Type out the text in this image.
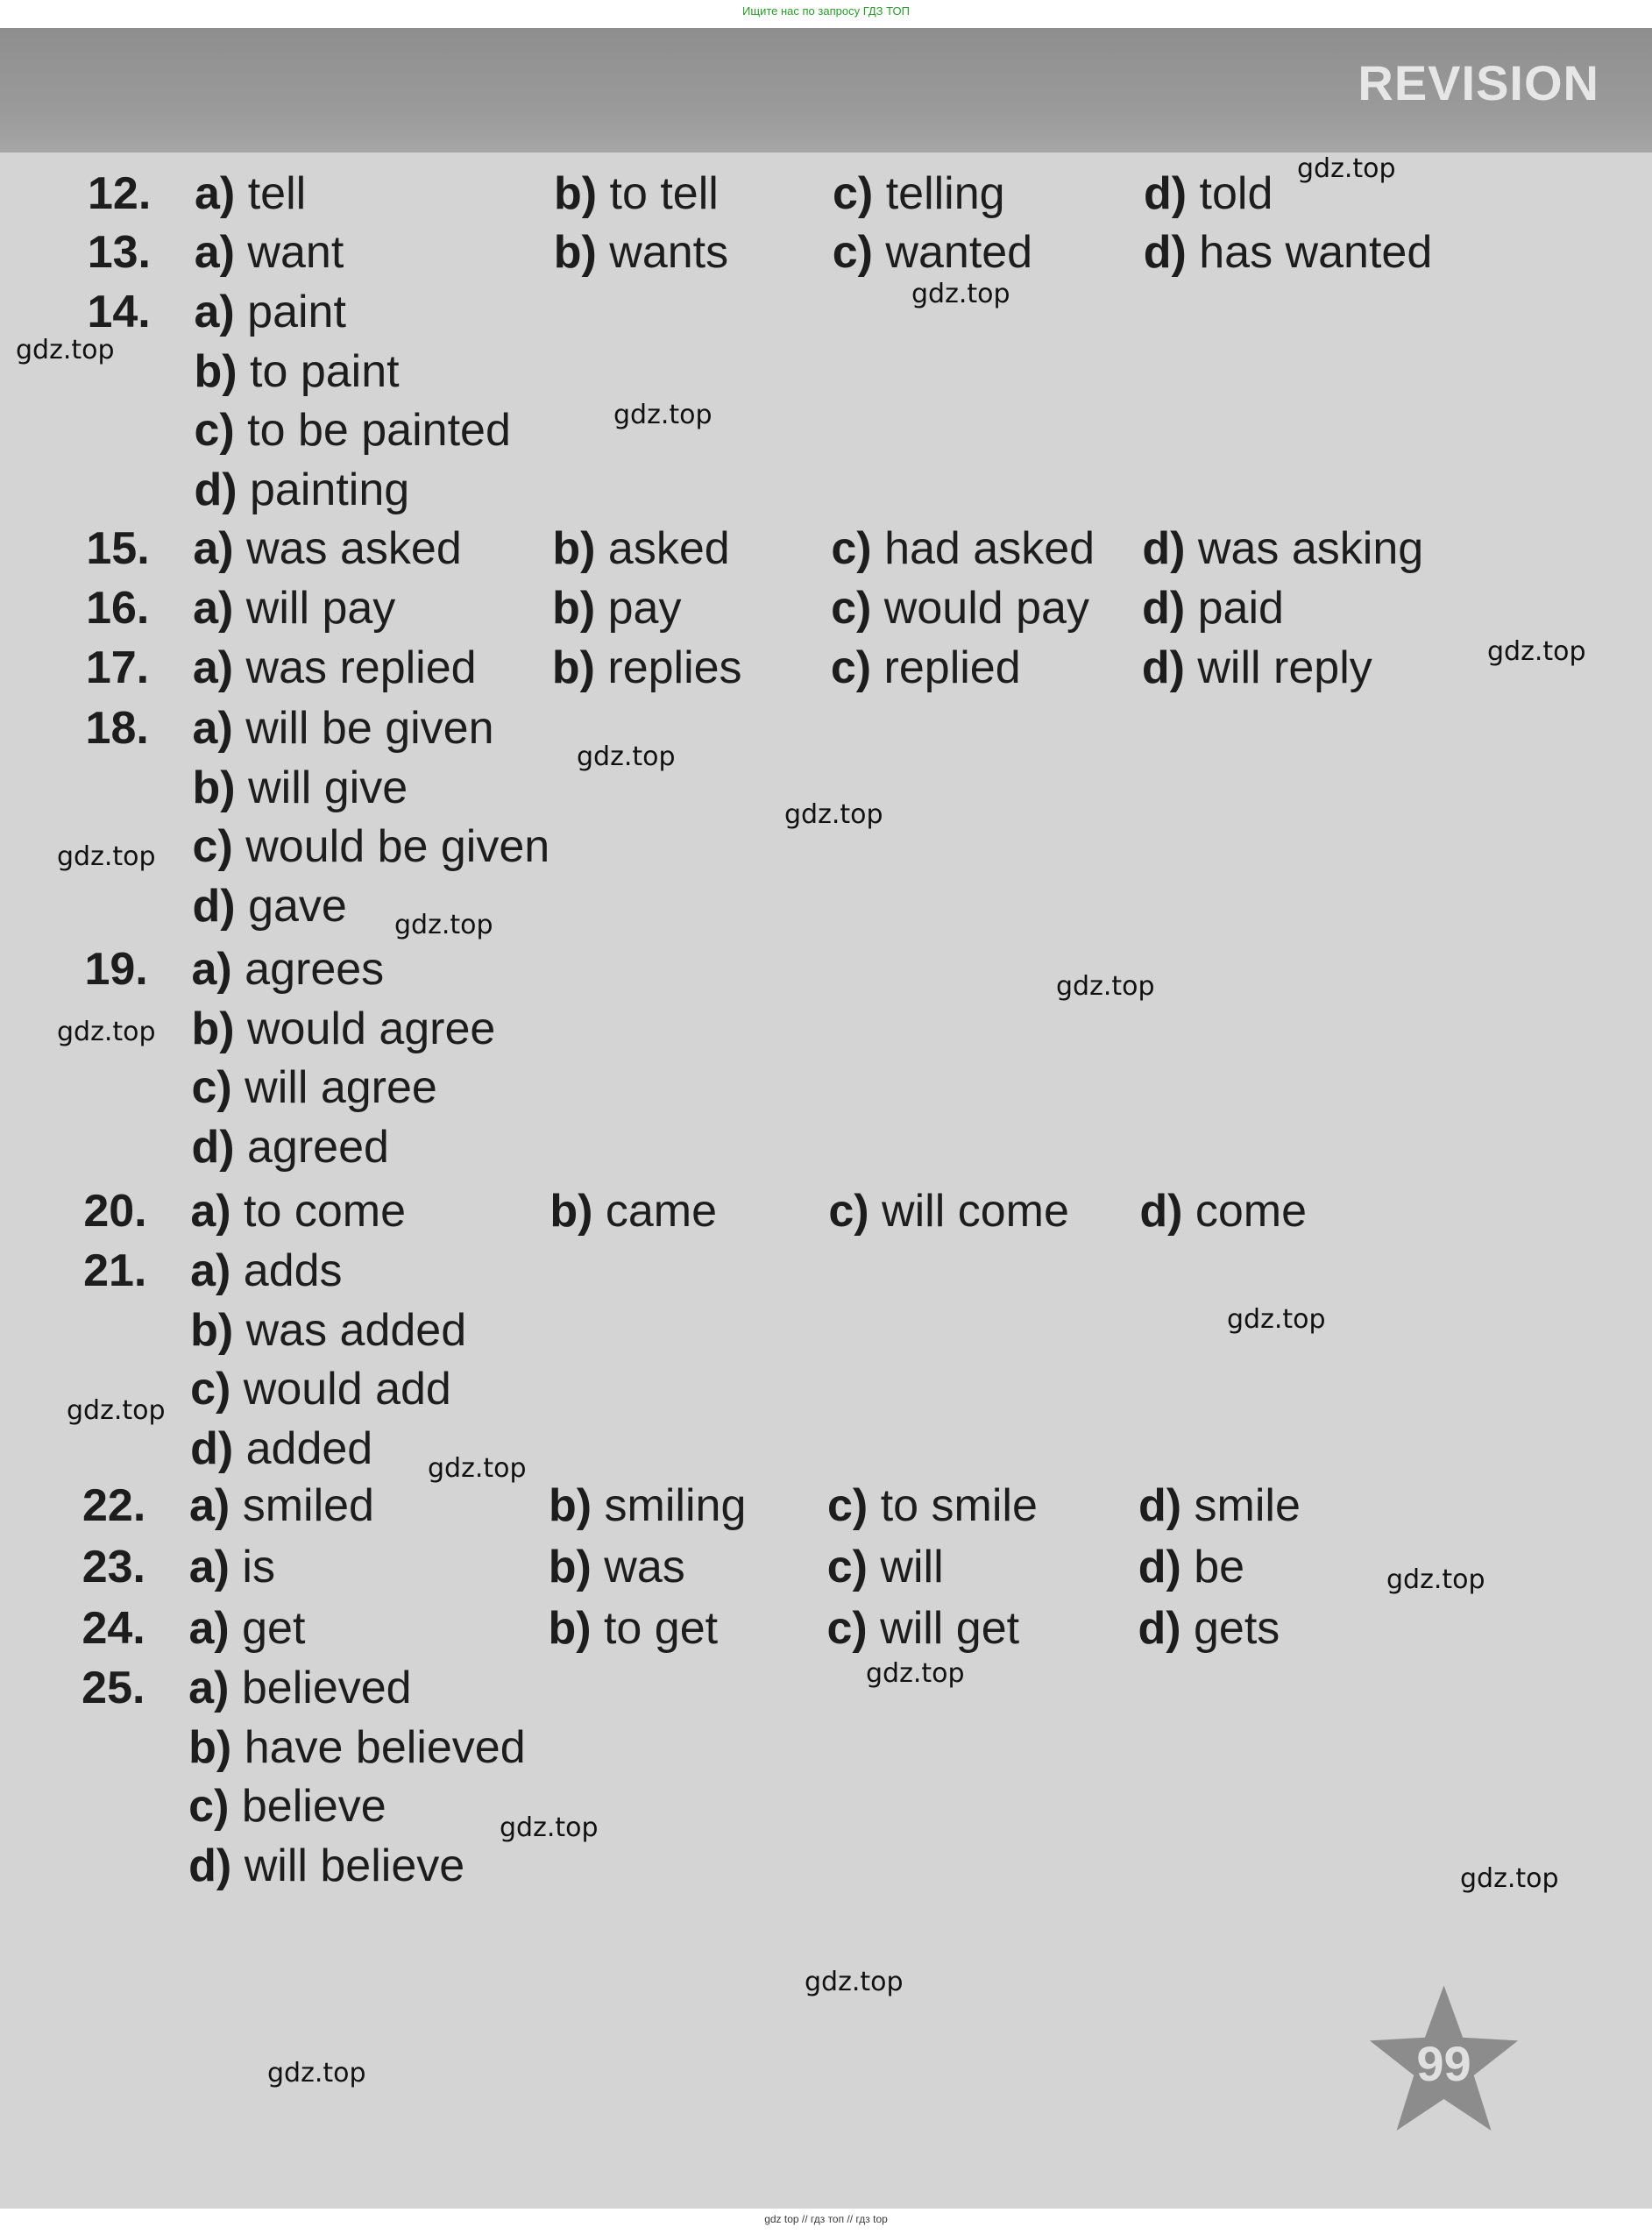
Ищите нас по запросу ГДЗ ТОП
REVISION
12. a) tell	b) to tell	c) telling	d) told
13. a) want	b) wants c) wanted d) has wanted
14. a) paint
b) to paint
c) to be painted
d) painting
15. a) was asked b) asked c) had asked d) was asking
16. a) will pay	b) pay	c) would pay d) paid
17. a) was replied b) replies c) replied	d) will reply
18. a) will be given
b) will give
c) would be given
d) gave
19. a) agrees
b) would agree
c) will agree
d) agreed
20. a) to come	b) came c) will come d) come
21. a) adds
b) was added
c) would add
d) added
22. a) smiled	b) smiling c) to smile d) smile
23. a) is	b) was	c) will	d) be
24. a) get	b) to get c) will get	d) gets
25. a) believed
b) have believed
c) believe
d) will believe
gdz.top
gdz.top
gdz.top
gdz.top
gdz.top
gdz.top
gdz.top
gdz.top
gdz.top
gdz.top
gdz.top
gdz.top
gdz.top
gdz.top
gdz.top
gdz.top
gdz.top
gdz.top
gdz.top
gdz.top	99
gdz top // гдз топ // гдз top
